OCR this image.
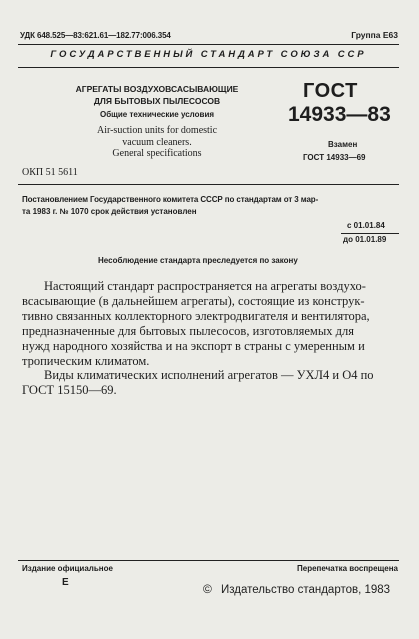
УДК 648.525—83:621.61—182.77:006.354	Группа Е63
ГОСУДАРСТВЕННЫЙ СТАНДАРТ СОЮЗА ССР
АГРЕГАТЫ ВОЗДУХОВСАСЫВАЮЩИЕ
ДЛЯ БЫТОВЫХ ПЫЛЕСОСОВ
Общие технические условия
Air-suction units for domestic
vacuum cleaners.
General specifications
ГОСТ
14933—83
Взамен
ГОСТ 14933—69
ОКП 51 5611
Постановлением Государственного комитета СССР по стандартам от 3 мар-
та 1983 г. № 1070 срок действия установлен
с 01.01.84
до 01.01.89
Несоблюдение стандарта преследуется по закону
Настоящий стандарт распространяется на агрегаты воздухо-
всасывающие (в дальнейшем агрегаты), состоящие из конструк-
тивно связанных коллекторного электродвигателя и вентилятора,
предназначенные для бытовых пылесосов, изготовляемых для
нужд народного хозяйства и на экспорт в страны с умеренным и
тропическим климатом.
Виды климатических исполнений агрегатов — УХЛ4 и О4 по
ГОСТ 15150—69.
Издание официальное
Е
Перепечатка воспрещена
© Издательство стандартов, 1983
